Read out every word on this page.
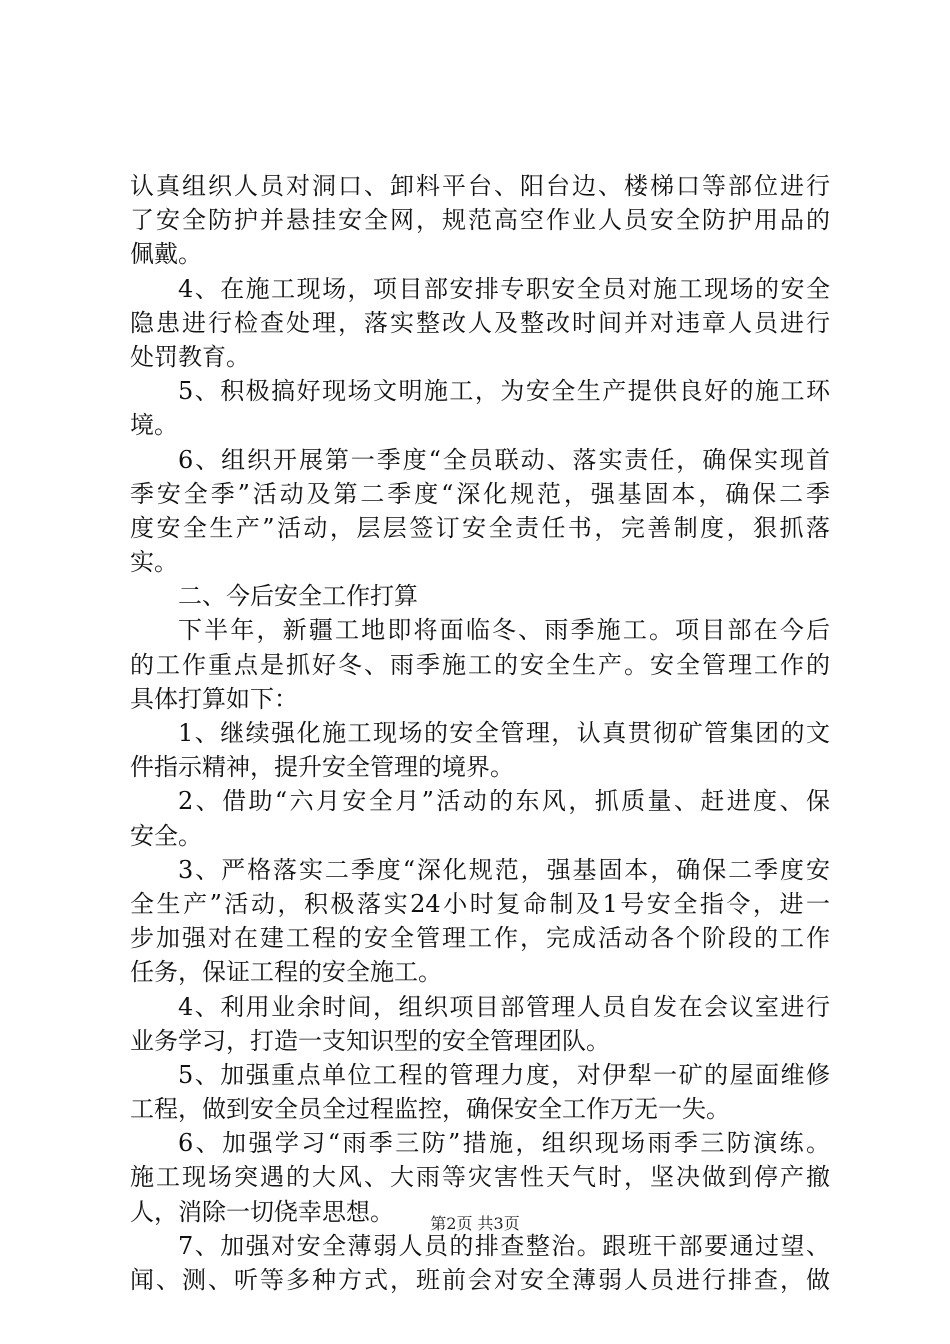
认真组织人员对洞口、卸料平台、阳台边、楼梯口等部位进行
了安全防护并悬挂安全网，规范高空作业人员安全防护用品的
佩戴。
4、在施工现场，项目部安排专职安全员对施工现场的安全
隐患进行检查处理，落实整改人及整改时间并对违章人员进行
处罚教育。
5、积极搞好现场文明施工，为安全生产提供良好的施工环
境。
6、组织开展第一季度“全员联动、落实责任，确保实现首
季安全季”活动及第二季度“深化规范，强基固本，确保二季
度安全生产”活动，层层签订安全责任书，完善制度，狠抓落
实。
二、今后安全工作打算
下半年，新疆工地即将面临冬、雨季施工。项目部在今后
的工作重点是抓好冬、雨季施工的安全生产。安全管理工作的
具体打算如下：
1、继续强化施工现场的安全管理，认真贯彻矿管集团的文
件指示精神，提升安全管理的境界。
2、借助“六月安全月”活动的东风，抓质量、赶进度、保
安全。
3、严格落实二季度“深化规范，强基固本，确保二季度安
全生产”活动，积极落实24小时复命制及1号安全指令，进一
步加强对在建工程的安全管理工作，完成活动各个阶段的工作
任务，保证工程的安全施工。
4、利用业余时间，组织项目部管理人员自发在会议室进行
业务学习，打造一支知识型的安全管理团队。
5、加强重点单位工程的管理力度，对伊犁一矿的屋面维修
工程，做到安全员全过程监控，确保安全工作万无一失。
6、加强学习“雨季三防”措施，组织现场雨季三防演练。
施工现场突遇的大风、大雨等灾害性天气时，坚决做到停产撤
人，消除一切侥幸思想。
7、加强对安全薄弱人员的排查整治。跟班干部要通过望、
闻、测、听等多种方式，班前会对安全薄弱人员进行排查，做
第2页 共3页
